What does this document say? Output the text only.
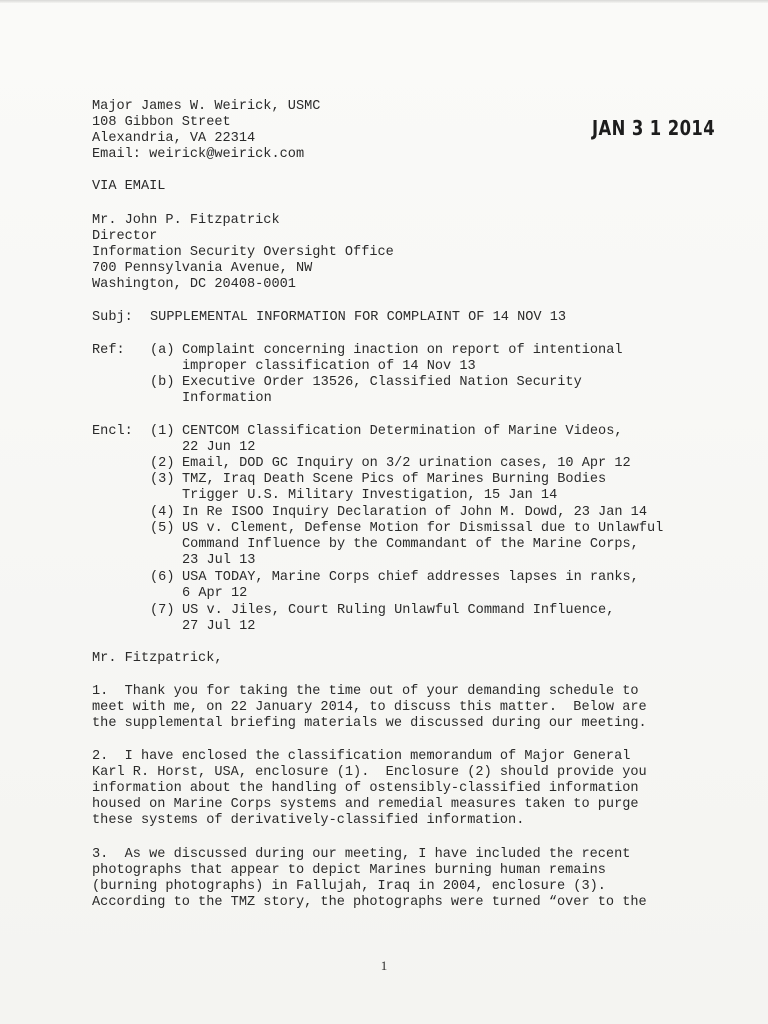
Major James W. Weirick, USMC
108 Gibbon Street
Alexandria, VA 22314
Email: weirick@weirick.com
JAN 3 1 2014
VIA EMAIL
Mr. John P. Fitzpatrick
Director
Information Security Oversight Office
700 Pennsylvania Avenue, NW
Washington, DC 20408-0001
Subj: SUPPLEMENTAL INFORMATION FOR COMPLAINT OF 14 NOV 13
Ref: (a) Complaint concerning inaction on report of intentional
improper classification of 14 Nov 13
(b) Executive Order 13526, Classified Nation Security
Information
Encl: (1) CENTCOM Classification Determination of Marine Videos,
22 Jun 12
(2) Email, DOD GC Inquiry on 3/2 urination cases, 10 Apr 12
(3) TMZ, Iraq Death Scene Pics of Marines Burning Bodies
Trigger U.S. Military Investigation, 15 Jan 14
(4) In Re ISOO Inquiry Declaration of John M. Dowd, 23 Jan 14
(5) US v. Clement, Defense Motion for Dismissal due to Unlawful
Command Influence by the Commandant of the Marine Corps,
23 Jul 13
(6) USA TODAY, Marine Corps chief addresses lapses in ranks,
6 Apr 12
(7) US v. Jiles, Court Ruling Unlawful Command Influence,
27 Jul 12
Mr. Fitzpatrick,
1.  Thank you for taking the time out of your demanding schedule to
meet with me, on 22 January 2014, to discuss this matter.  Below are
the supplemental briefing materials we discussed during our meeting.
2.  I have enclosed the classification memorandum of Major General
Karl R. Horst, USA, enclosure (1).  Enclosure (2) should provide you
information about the handling of ostensibly-classified information
housed on Marine Corps systems and remedial measures taken to purge
these systems of derivatively-classified information.
3.  As we discussed during our meeting, I have included the recent
photographs that appear to depict Marines burning human remains
(burning photographs) in Fallujah, Iraq in 2004, enclosure (3).
According to the TMZ story, the photographs were turned “over to the
1
